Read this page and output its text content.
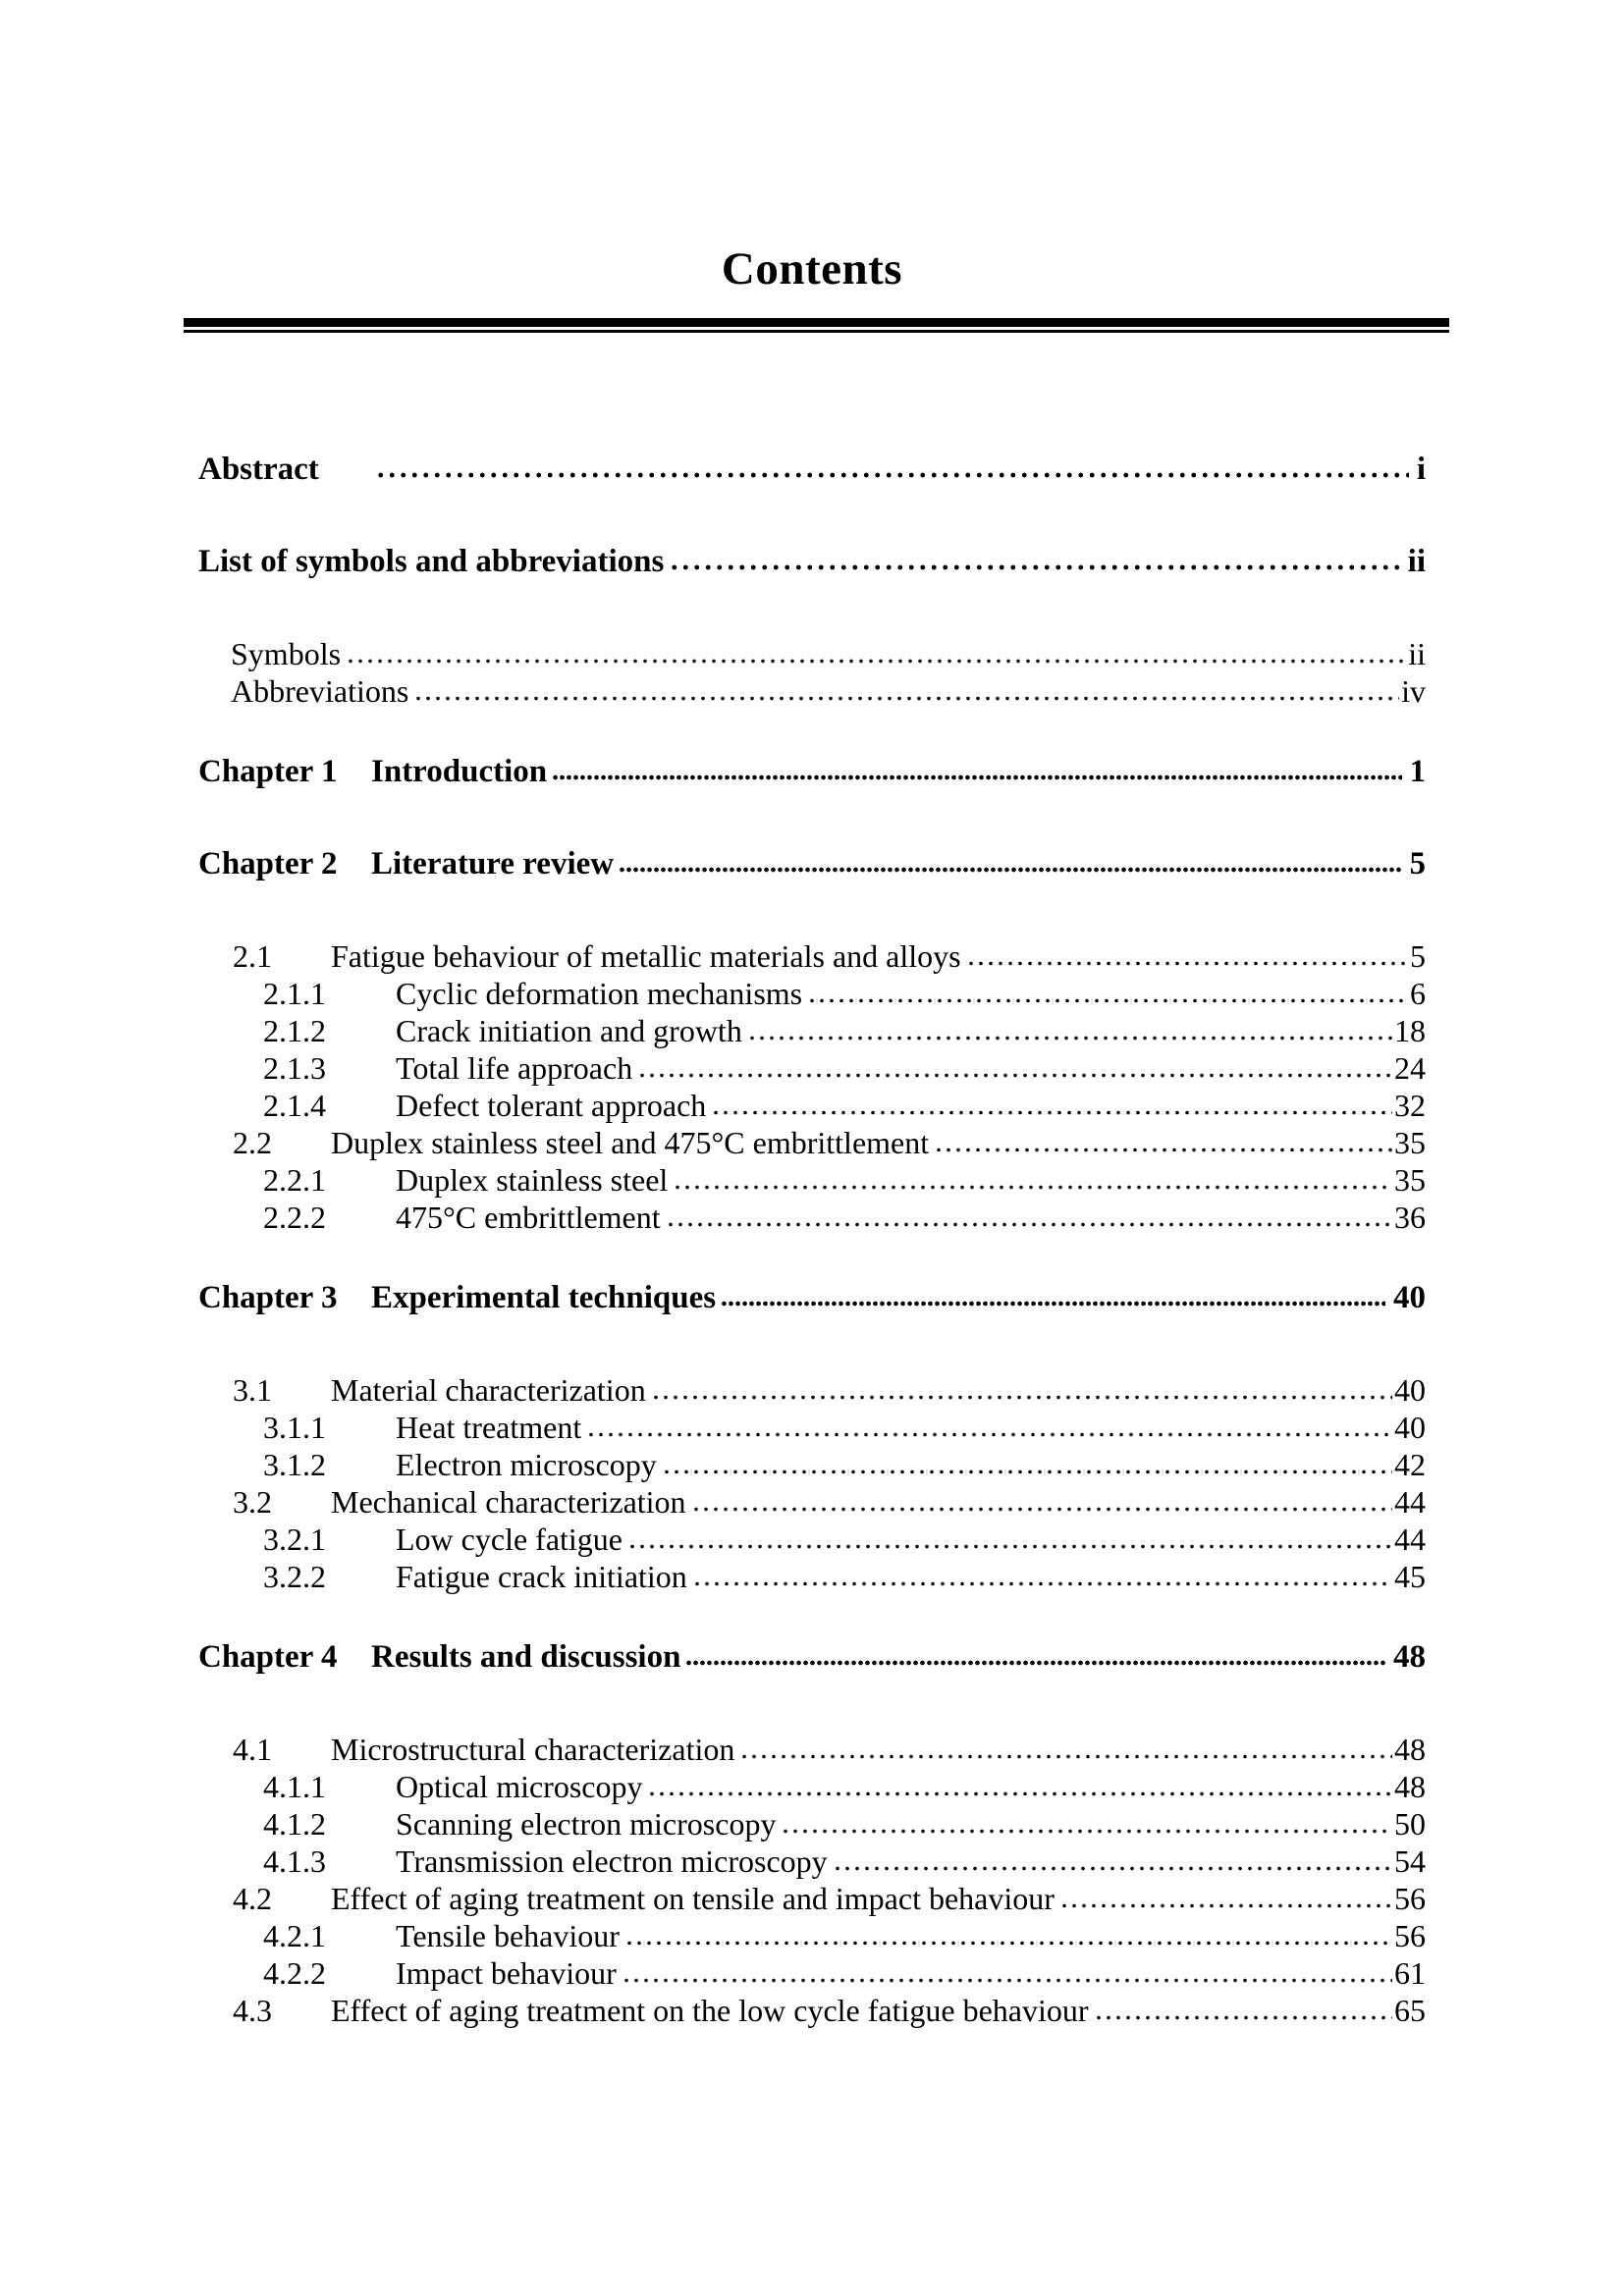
Contents
Abstract	i
List of symbols and abbreviations	ii
Symbols	ii
Abbreviations	iv
Chapter 1	Introduction	1
Chapter 2	Literature review	5
2.1	Fatigue behaviour of metallic materials and alloys	5
2.1.1	Cyclic deformation mechanisms	6
2.1.2	Crack initiation and growth	18
2.1.3	Total life approach	24
2.1.4	Defect tolerant approach	32
2.2	Duplex stainless steel and 475°C embrittlement	35
2.2.1	Duplex stainless steel	35
2.2.2	475°C embrittlement	36
Chapter 3	Experimental techniques	40
3.1	Material characterization	40
3.1.1	Heat treatment	40
3.1.2	Electron microscopy	42
3.2	Mechanical characterization	44
3.2.1	Low cycle fatigue	44
3.2.2	Fatigue crack initiation	45
Chapter 4	Results and discussion	48
4.1	Microstructural characterization	48
4.1.1	Optical microscopy	48
4.1.2	Scanning electron microscopy	50
4.1.3	Transmission electron microscopy	54
4.2	Effect of aging treatment on tensile and impact behaviour	56
4.2.1	Tensile behaviour	56
4.2.2	Impact behaviour	61
4.3	Effect of aging treatment on the low cycle fatigue behaviour	65
